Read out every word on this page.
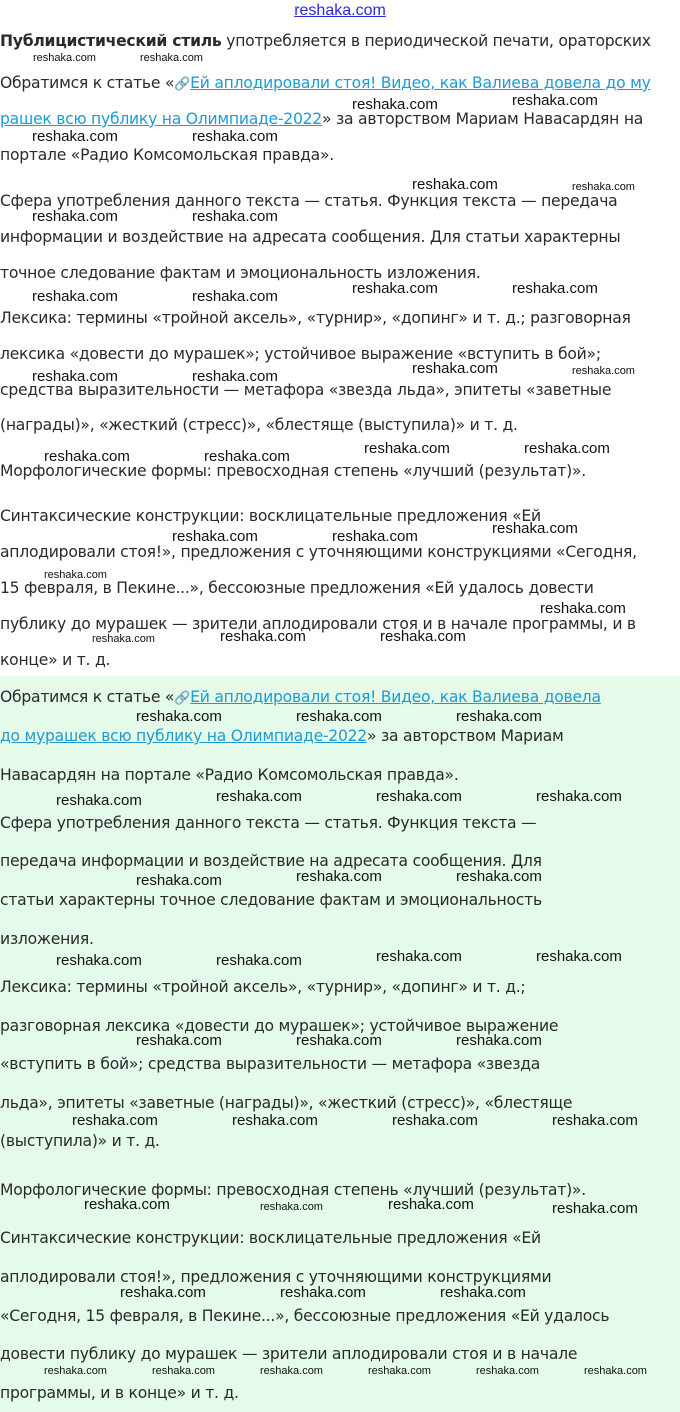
reshaka.com
Публицистический стиль употребляется в периодической печати, ораторских
Обратимся к статье «🔗Ей аплодировали стоя! Видео, как Валиева довела до му
рашек всю публику на Олимпиаде-2022» за авторством Мариам Навасардян на
портале «Радио Комсомольская правда».
Сфера употребления данного текста — статья. Функция текста — передача
информации и воздействие на адресата сообщения. Для статьи характерны
точное следование фактам и эмоциональность изложения.
Лексика: термины «тройной аксель», «турнир», «допинг» и т. д.; разговорная
лексика «довести до мурашек»; устойчивое выражение «вступить в бой»;
средства выразительности — метафора «звезда льда», эпитеты «заветные
(награды)», «жесткий (стресс)», «блестяще (выступила)» и т. д.
Морфологические формы: превосходная степень «лучший (результат)».
Синтаксические конструкции: восклицательные предложения «Ей
аплодировали стоя!», предложения с уточняющими конструкциями «Сегодня,
15 февраля, в Пекине...», бессоюзные предложения «Ей удалось довести
публику до мурашек — зрители аплодировали стоя и в начале программы, и в
конце» и т. д.
Обратимся к статье «🔗Ей аплодировали стоя! Видео, как Валиева довела
до мурашек всю публику на Олимпиаде-2022» за авторством Мариам
Навасардян на портале «Радио Комсомольская правда».
Сфера употребления данного текста — статья. Функция текста —
передача информации и воздействие на адресата сообщения. Для
статьи характерны точное следование фактам и эмоциональность
изложения.
Лексика: термины «тройной аксель», «турнир», «допинг» и т. д.;
разговорная лексика «довести до мурашек»; устойчивое выражение
«вступить в бой»; средства выразительности — метафора «звезда
льда», эпитеты «заветные (награды)», «жесткий (стресс)», «блестяще
(выступила)» и т. д.
Морфологические формы: превосходная степень «лучший (результат)».
Синтаксические конструкции: восклицательные предложения «Ей
аплодировали стоя!», предложения с уточняющими конструкциями
«Сегодня, 15 февраля, в Пекине...», бессоюзные предложения «Ей удалось
довести публику до мурашек — зрители аплодировали стоя и в начале
программы, и в конце» и т. д.
reshaka.com	reshaka.com
reshaka.com	reshaka.com
reshaka.com	reshaka.com
reshaka.com	reshaka.com
reshaka.com	reshaka.com
reshaka.com	reshaka.com
reshaka.com	reshaka.com
reshaka.com	reshaka.com
reshaka.com	reshaka.com
reshaka.com	reshaka.com
reshaka.com	reshaka.com
reshaka.com
reshaka.com	reshaka.com
reshaka.com
reshaka.com
reshaka.com	reshaka.com	reshaka.com
reshaka.com	reshaka.com	reshaka.com
reshaka.com	reshaka.com	reshaka.com	reshaka.com
reshaka.com	reshaka.com	reshaka.com
reshaka.com	reshaka.com
reshaka.com	reshaka.com
reshaka.com	reshaka.com	reshaka.com
reshaka.com	reshaka.com	reshaka.com	reshaka.com
reshaka.com	reshaka.com	reshaka.com	reshaka.com
reshaka.com	reshaka.com	reshaka.com
reshaka.com	reshaka.com	reshaka.com	reshaka.com	reshaka.com	reshaka.com
